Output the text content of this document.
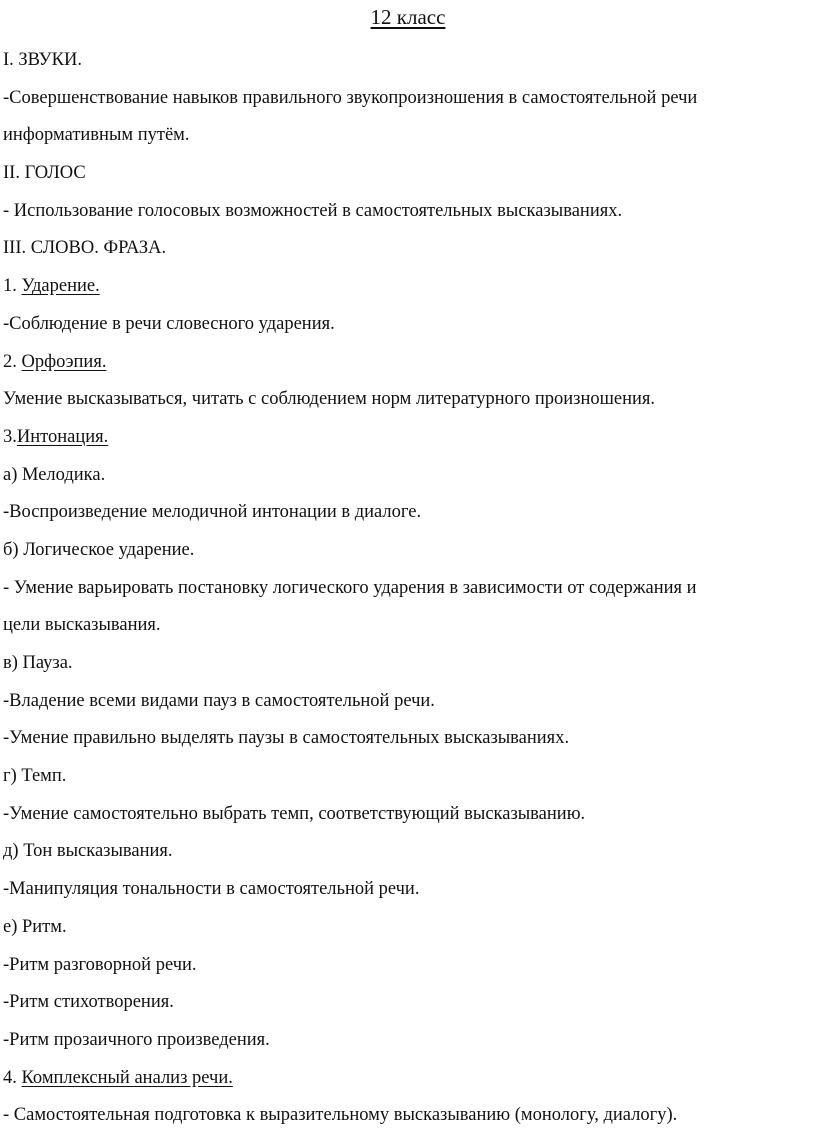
12 класс
I. ЗВУКИ.
-Совершенствование навыков правильного звукопроизношения в самостоятельной речи
информативным путём.
II. ГОЛОС
- Использование голосовых возможностей в самостоятельных высказываниях.
III. СЛОВО. ФРАЗА.
1. Ударение.
-Соблюдение в речи словесного ударения.
2. Орфоэпия.
Умение высказываться, читать с соблюдением норм литературного произношения.
3.Интонация.
а) Мелодика.
-Воспроизведение мелодичной интонации в диалоге.
б) Логическое ударение.
- Умение варьировать постановку логического ударения в зависимости от содержания и
цели высказывания.
в) Пауза.
-Владение всеми видами пауз в самостоятельной речи.
-Умение правильно выделять паузы в самостоятельных высказываниях.
г) Темп.
-Умение самостоятельно выбрать темп, соответствующий высказыванию.
д) Тон высказывания.
-Манипуляция тональности в самостоятельной речи.
е) Ритм.
-Ритм разговорной речи.
-Ритм стихотворения.
-Ритм прозаичного произведения.
4. Комплексный анализ речи.
- Самостоятельная подготовка к выразительному высказыванию (монологу, диалогу).
